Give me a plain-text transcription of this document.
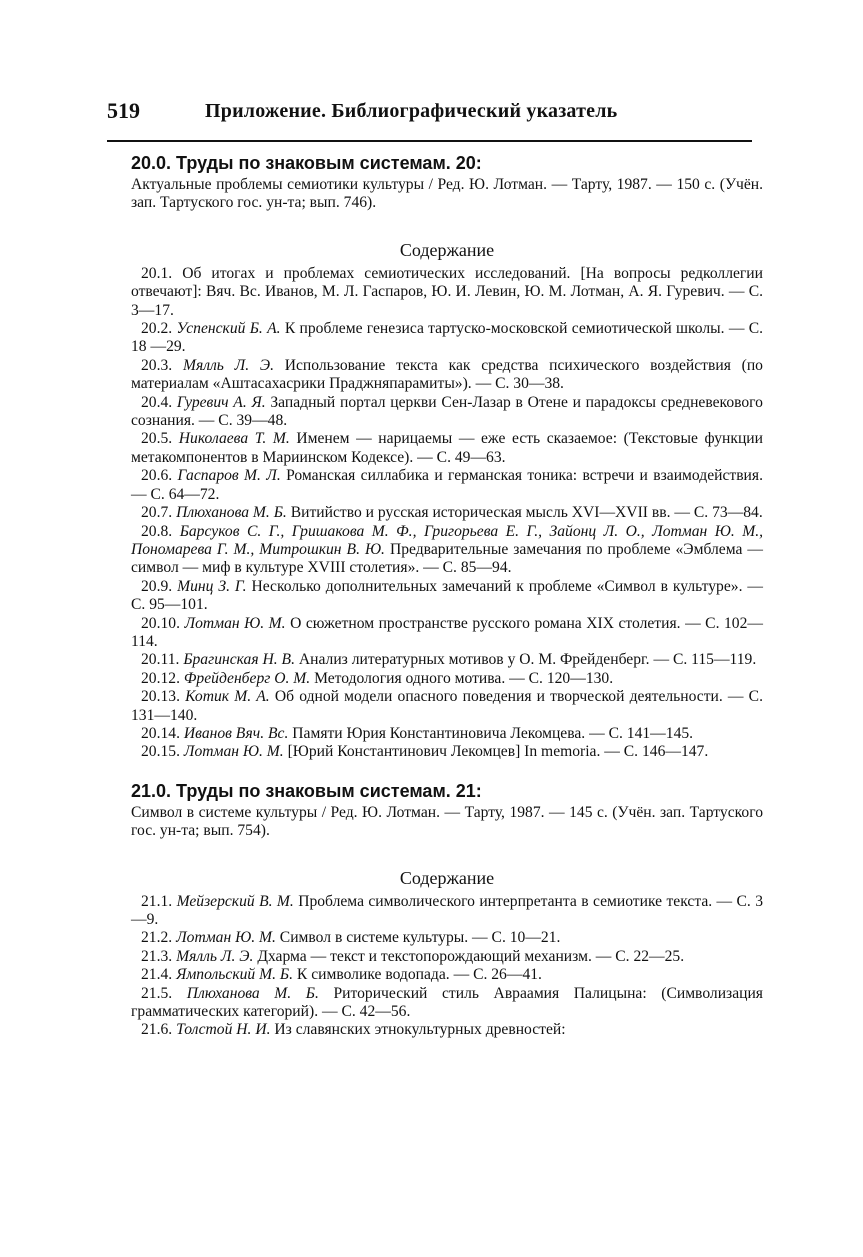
519	Приложение. Библиографический указатель
20.0. Труды по знаковым системам. 20:

Актуальные проблемы семиотики культуры / Ред. Ю. Лотман. — Тарту, 1987. — 150 с. (Учён. зап. Тартуского гос. ун-та; вып. 746).

Содержание

20.1. Об итогах и проблемах семиотических исследований. [На вопросы редколлегии отвечают]: Вяч. Вс. Иванов, М. Л. Гаспаров, Ю. И. Левин, Ю. М. Лотман, А. Я. Гуревич. — С. 3—17.

20.2. Успенский Б. А. К проблеме генезиса тартуско-московской семиотической школы. — С. 18 —29.

20.3. Мялль Л. Э. Использование текста как средства психического воздействия (по материалам «Аштасахасрики Праджняпарамиты»). — С. 30—38.

20.4. Гуревич А. Я. Западный портал церкви Сен-Лазар в Отене и парадоксы средневекового сознания. — С. 39—48.

20.5. Николаева Т. М. Именем — нарицаемы — еже есть сказаемое: (Текстовые функции метакомпонентов в Мариинском Кодексе). — С. 49—63.

20.6. Гаспаров М. Л. Романская силлабика и германская тоника: встречи и взаимодействия. — С. 64—72.

20.7. Плюханова М. Б. Витийство и русская историческая мысль XVI—XVII вв. — С. 73—84.

20.8. Барсуков С. Г., Гришакова М. Ф., Григорьева Е. Г., Зайонц Л. О., Лотман Ю. М., Пономарева Г. М., Митрошкин В. Ю. Предварительные замечания по проблеме «Эмблема — символ — миф в культуре XVIII столетия». — С. 85—94.

20.9. Минц З. Г. Несколько дополнительных замечаний к проблеме «Символ в культуре». — С. 95—101.

20.10. Лотман Ю. М. О сюжетном пространстве русского романа XIX столетия. — С. 102—114.

20.11. Брагинская Н. В. Анализ литературных мотивов у О. М. Фрейденберг. — С. 115—119.

20.12. Фрейденберг О. М. Методология одного мотива. — С. 120—130.

20.13. Котик М. А. Об одной модели опасного поведения и творческой деятельности. — С. 131—140.

20.14. Иванов Вяч. Вс. Памяти Юрия Константиновича Лекомцева. — С. 141—145.

20.15. Лотман Ю. М. [Юрий Константинович Лекомцев] In memoria. — С. 146—147.

21.0. Труды по знаковым системам. 21:

Символ в системе культуры / Ред. Ю. Лотман. — Тарту, 1987. — 145 с. (Учён. зап. Тартуского гос. ун-та; вып. 754).

Содержание

21.1. Мейзерский В. М. Проблема символического интерпретанта в семиотике текста. — С. 3—9.

21.2. Лотман Ю. М. Символ в системе культуры. — С. 10—21.

21.3. Мялль Л. Э. Дхарма — текст и текстопорождающий механизм. — С. 22—25.

21.4. Ямпольский М. Б. К символике водопада. — С. 26—41.

21.5. Плюханова М. Б. Риторический стиль Авраамия Палицына: (Символизация грамматических категорий). — С. 42—56.

21.6. Толстой Н. И. Из славянских этнокультурных древностей:
